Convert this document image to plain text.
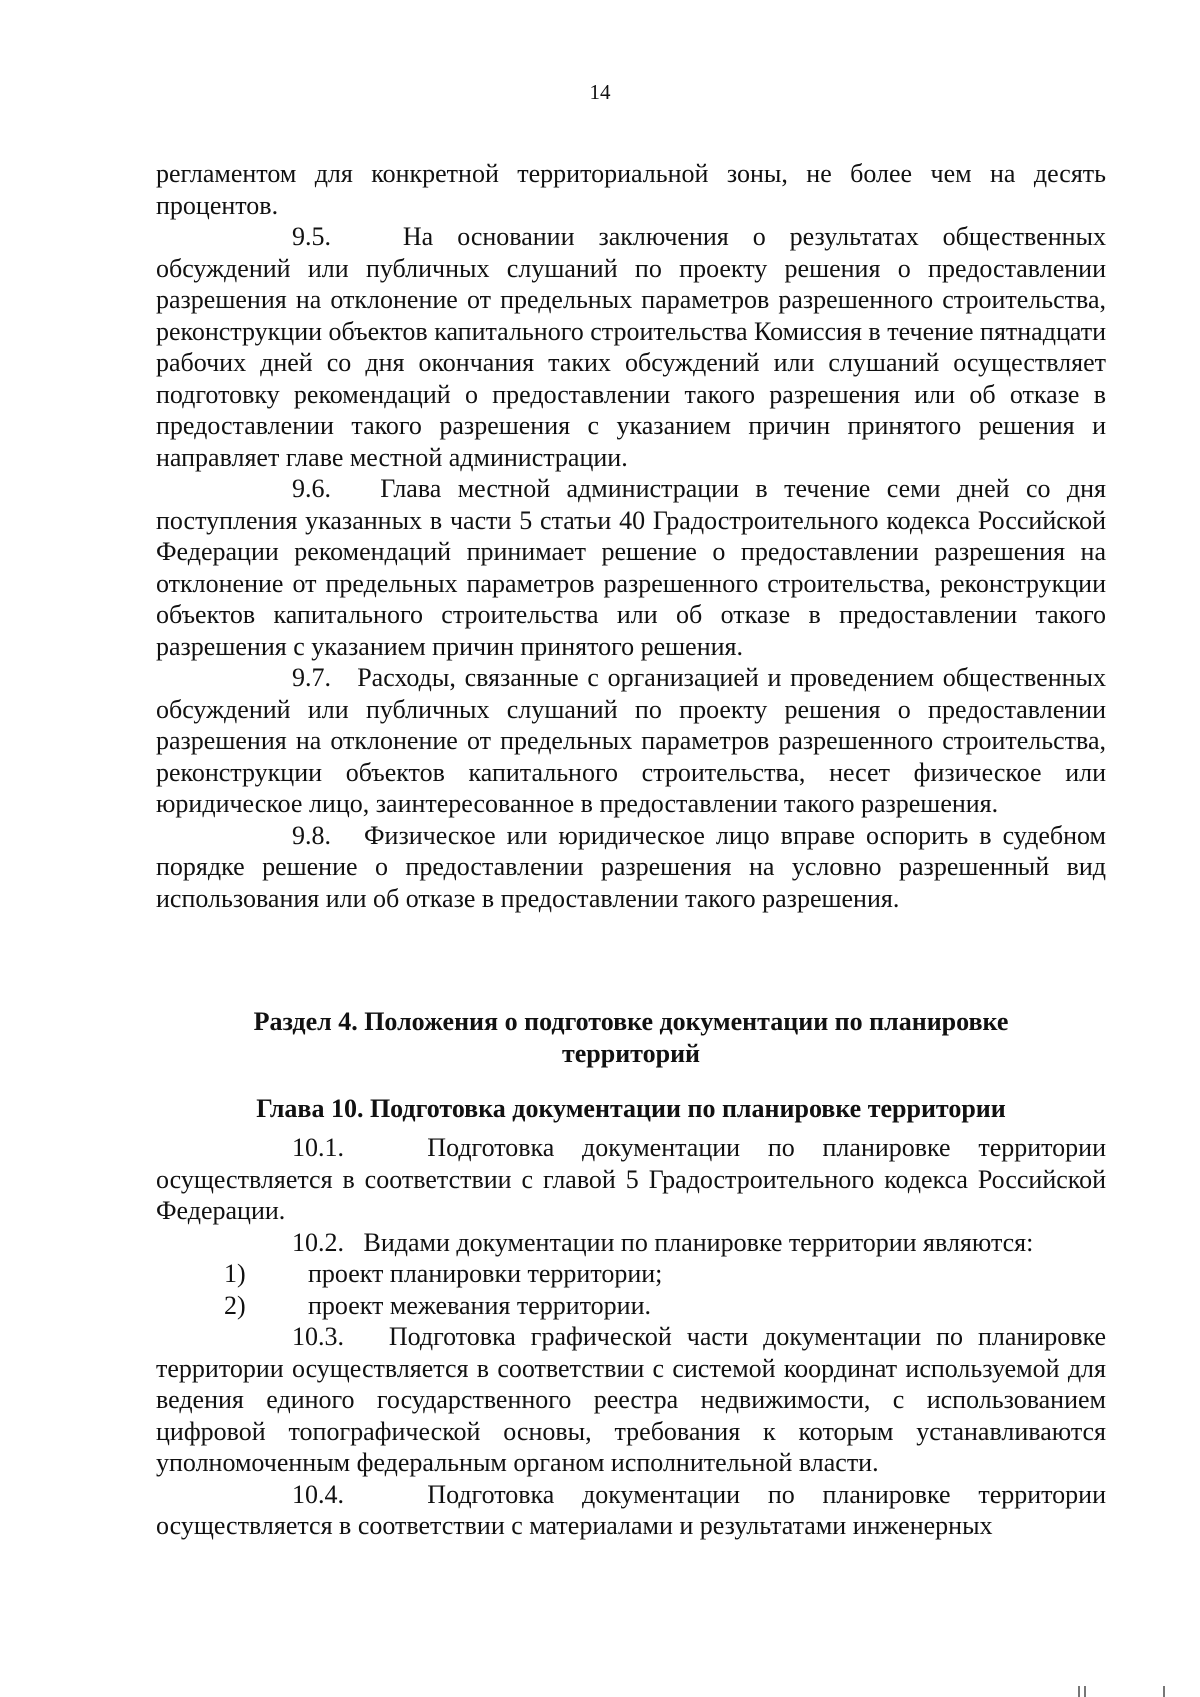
14

регламентом для конкретной территориальной зоны, не более чем на десять процентов.

9.5.	На основании заключения о результатах общественных обсуждений или публичных слушаний по проекту решения о предоставлении разрешения на отклонение от предельных параметров разрешенного строительства, реконструкции объектов капитального строительства Комиссия в течение пятнадцати рабочих дней со дня окончания таких обсуждений или слушаний осуществляет подготовку рекомендаций о предоставлении такого разрешения или об отказе в предоставлении такого разрешения с указанием причин принятого решения и направляет главе местной администрации.

9.6. Глава местной администрации в течение семи дней со дня поступления указанных в части 5 статьи 40 Градостроительного кодекса Российской Федерации рекомендаций принимает решение о предоставлении разрешения на отклонение от предельных параметров разрешенного строительства, реконструкции объектов капитального строительства или об отказе в предоставлении такого разрешения с указанием причин принятого решения.

9.7. Расходы, связанные с организацией и проведением общественных обсуждений или публичных слушаний по проекту решения о предоставлении разрешения на отклонение от предельных параметров разрешенного строительства, реконструкции объектов капитального строительства, несет физическое или юридическое лицо, заинтересованное в предоставлении такого разрешения.

9.8. Физическое или юридическое лицо вправе оспорить в судебном порядке решение о предоставлении разрешения на условно разрешенный вид использования или об отказе в предоставлении такого разрешения.

Раздел 4. Положения о подготовке документации по планировке
территорий
Глава 10. Подготовка документации по планировке территории

10.1.	Подготовка документации по планировке территории осуществляется в соответствии с главой 5 Градостроительного кодекса Российской Федерации.

10.2. Видами документации по планировке территории являются:

1)	проект планировки территории;
2)	проект межевания территории.

10.3. Подготовка графической части документации по планировке территории осуществляется в соответствии с системой координат используемой для ведения единого государственного реестра недвижимости, с использованием цифровой топографической основы, требования к которым устанавливаются уполномоченным федеральным органом исполнительной власти.

10.4.	Подготовка документации по планировке территории осуществляется в соответствии с материалами и результатами инженерных
